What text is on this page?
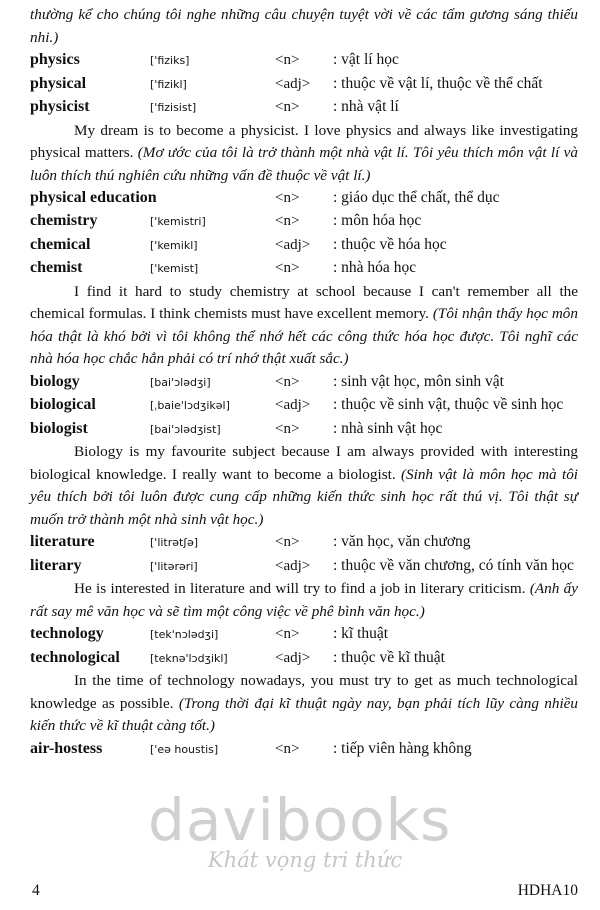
thường kể cho chúng tôi nghe những câu chuyện tuyệt vời về các tấm gương sáng thiếu nhi.)

physics	['fiziks]	<n>	: vật lí học
physical	['fizikl]	<adj>	: thuộc về vật lí, thuộc về thể chất
physicist	['fizisist]	<n>	: nhà vật lí

My dream is to become a physicist. I love physics and always like investigating physical matters. (Mơ ước của tôi là trở thành một nhà vật lí. Tôi yêu thích môn vật lí và luôn thích thú nghiên cứu những vấn đề thuộc về vật lí.)

physical education	<n>	: giáo dục thể chất, thể dục
chemistry	['kemistri]	<n>	: môn hóa học
chemical	['kemikl]	<adj>	: thuộc về hóa học
chemist	['kemist]	<n>	: nhà hóa học

I find it hard to study chemistry at school because I can't remember all the chemical formulas. I think chemists must have excellent memory. (Tôi nhận thấy học môn hóa thật là khó bởi vì tôi không thể nhớ hết các công thức hóa học được. Tôi nghĩ các nhà hóa học chắc hẳn phải có trí nhớ thật xuất sắc.)

biology	[bai'ɔlədʒi]	<n>	: sinh vật học, môn sinh vật
biological	[ˌbaie'lɔdʒikəl]	<adj>	: thuộc về sinh vật, thuộc về sinh học
biologist	[bai'ɔlədʒist]	<n>	: nhà sinh vật học

Biology is my favourite subject because I am always provided with interesting biological knowledge. I really want to become a biologist. (Sinh vật là môn học mà tôi yêu thích bởi tôi luôn được cung cấp những kiến thức sinh học rất thú vị. Tôi thật sự muốn trở thành một nhà sinh vật học.)

literature	['litrətʃə]	<n>	: văn học, văn chương
literary	['litərəri]	<adj>	: thuộc về văn chương, có tính văn học

He is interested in literature and will try to find a job in literary criticism. (Anh ấy rất say mê văn học và sẽ tìm một công việc về phê bình văn học.)

technology	[tek'nɔlədʒi]	<n>	: kĩ thuật
technological	[teknə'lɔdʒikl]	<adj>	: thuộc về kĩ thuật

In the time of technology nowadays, you must try to get as much technological knowledge as possible. (Trong thời đại kĩ thuật ngày nay, bạn phải tích lũy càng nhiều kiến thức về kĩ thuật càng tốt.)

air-hostess	['eə houstis]	<n>	: tiếp viên hàng không
davibooks
Khát vọng tri thức
4	HDHA10
